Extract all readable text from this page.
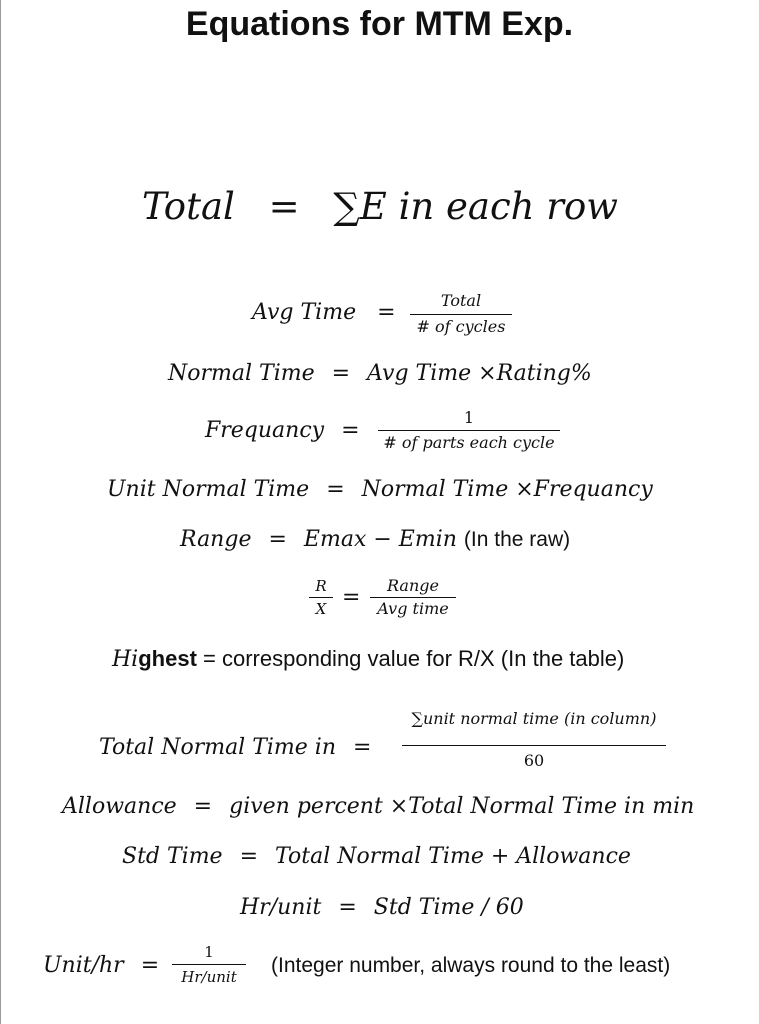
Equations for MTM Exp.
Total = ∑E in each row
Avg Time =	Total
# of cycles
Normal Time = Avg Time ×Rating%
Frequancy =
1
# of parts each cycle
Unit Normal Time = Normal Time ×Frequancy
Range = Emax − Emin (In the raw)
R
X =	Range
Avg time
Highest = corresponding value for R/X (In the table)
Total Normal Time in =
∑unit normal time (in column)
60
Allowance = given percent ×Total Normal Time in min
Std Time = Total Normal Time + Allowance
Hr/unit = Std Time / 60
Unit/hr =
1
Hr/unit	(Integer number, always round to the least)
